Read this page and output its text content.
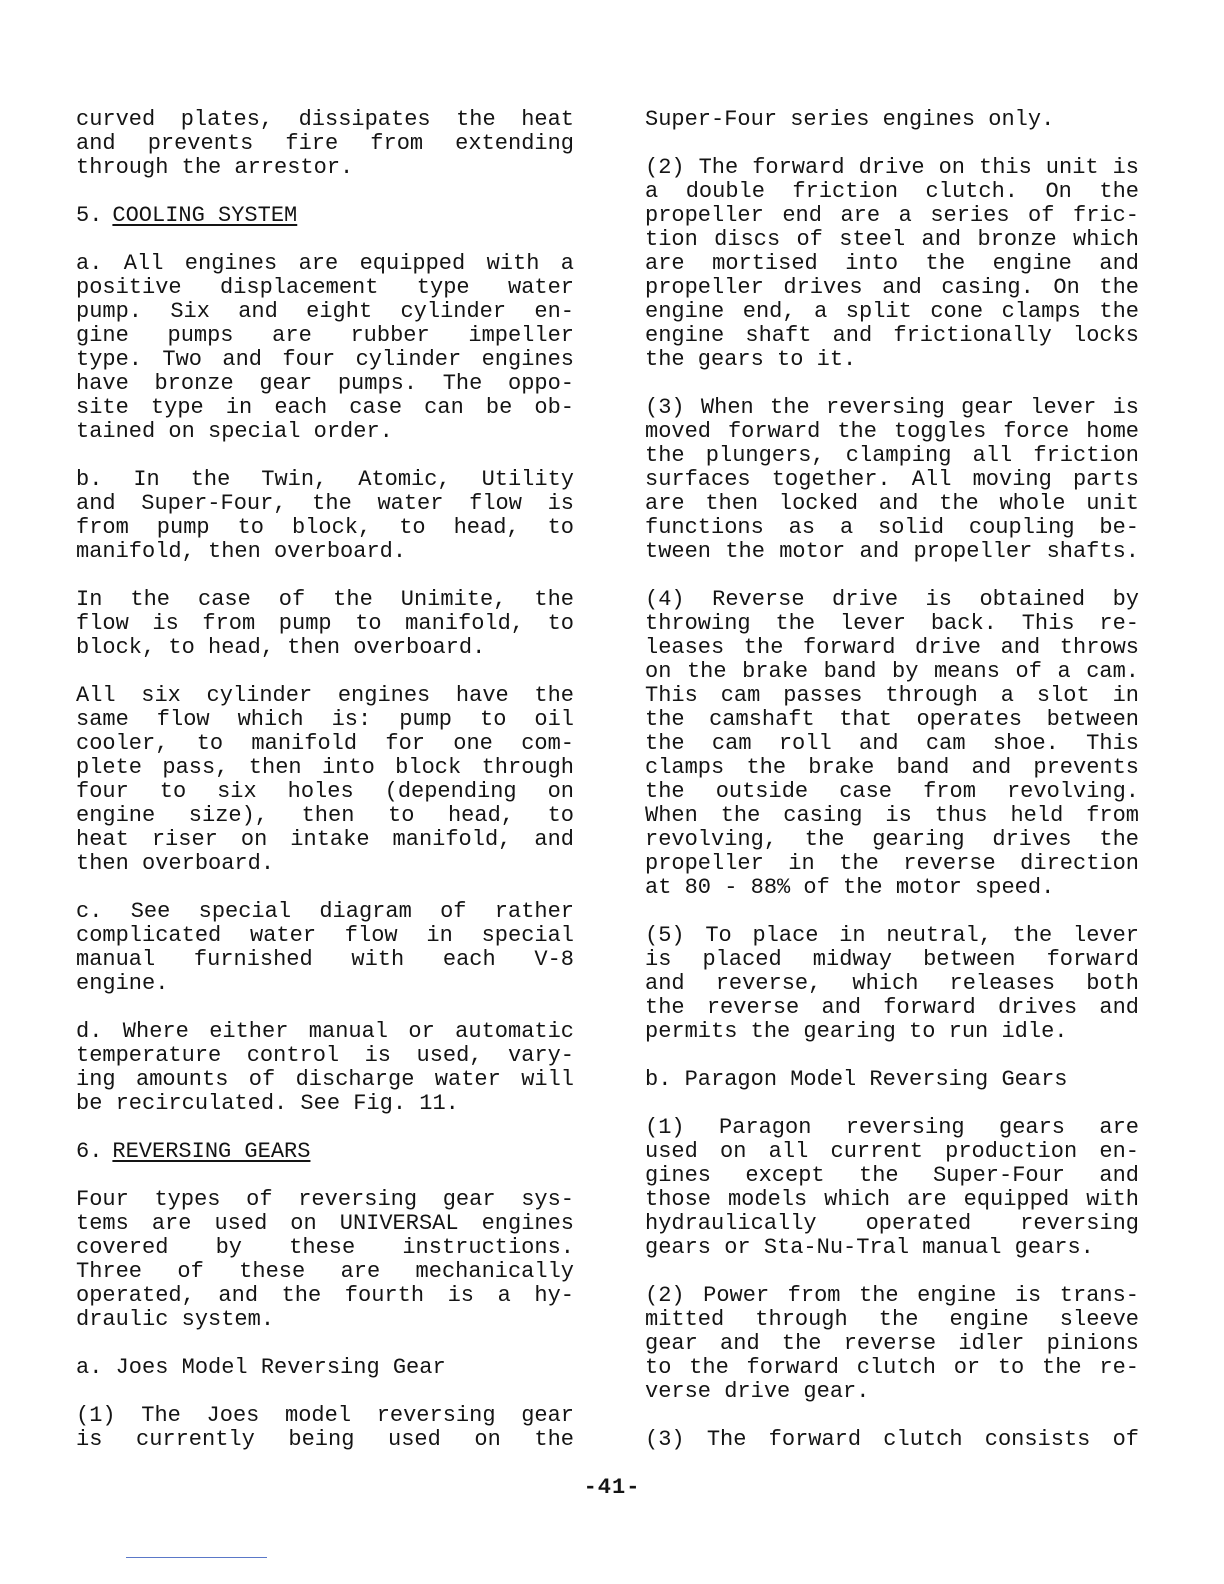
curved plates, dissipates the heat
and prevents fire from extending
through the arrestor.
5. COOLING SYSTEM
a. All engines are equipped with a
positive displacement type water
pump. Six and eight cylinder en-
gine pumps are rubber impeller
type. Two and four cylinder engines
have bronze gear pumps. The oppo-
site type in each case can be ob-
tained on special order.
b. In the Twin, Atomic, Utility
and Super-Four, the water flow is
from pump to block, to head, to
manifold, then overboard.
In the case of the Unimite, the
flow is from pump to manifold, to
block, to head, then overboard.
All six cylinder engines have the
same flow which is: pump to oil
cooler, to manifold for one com-
plete pass, then into block through
four to six holes (depending on
engine size), then to head, to
heat riser on intake manifold, and
then overboard.
c. See special diagram of rather
complicated water flow in special
manual furnished with each V-8
engine.
d. Where either manual or automatic
temperature control is used, vary-
ing amounts of discharge water will
be recirculated. See Fig. 11.
6. REVERSING GEARS
Four types of reversing gear sys-
tems are used on UNIVERSAL engines
covered by these instructions.
Three of these are mechanically
operated, and the fourth is a hy-
draulic system.
a. Joes Model Reversing Gear
(1) The Joes model reversing gear
is currently being used on the
Super-Four series engines only.
(2) The forward drive on this unit is
a double friction clutch. On the
propeller end are a series of fric-
tion discs of steel and bronze which
are mortised into the engine and
propeller drives and casing. On the
engine end, a split cone clamps the
engine shaft and frictionally locks
the gears to it.
(3) When the reversing gear lever is
moved forward the toggles force home
the plungers, clamping all friction
surfaces together. All moving parts
are then locked and the whole unit
functions as a solid coupling be-
tween the motor and propeller shafts.
(4) Reverse drive is obtained by
throwing the lever back. This re-
leases the forward drive and throws
on the brake band by means of a cam.
This cam passes through a slot in
the camshaft that operates between
the cam roll and cam shoe. This
clamps the brake band and prevents
the outside case from revolving.
When the casing is thus held from
revolving, the gearing drives the
propeller in the reverse direction
at 80 - 88% of the motor speed.
(5) To place in neutral, the lever
is placed midway between forward
and reverse, which releases both
the reverse and forward drives and
permits the gearing to run idle.
b. Paragon Model Reversing Gears
(1) Paragon reversing gears are
used on all current production en-
gines except the Super-Four and
those models which are equipped with
hydraulically operated reversing
gears or Sta-Nu-Tral manual gears.
(2) Power from the engine is trans-
mitted through the engine sleeve
gear and the reverse idler pinions
to the forward clutch or to the re-
verse drive gear.
(3) The forward clutch consists of
-41-
